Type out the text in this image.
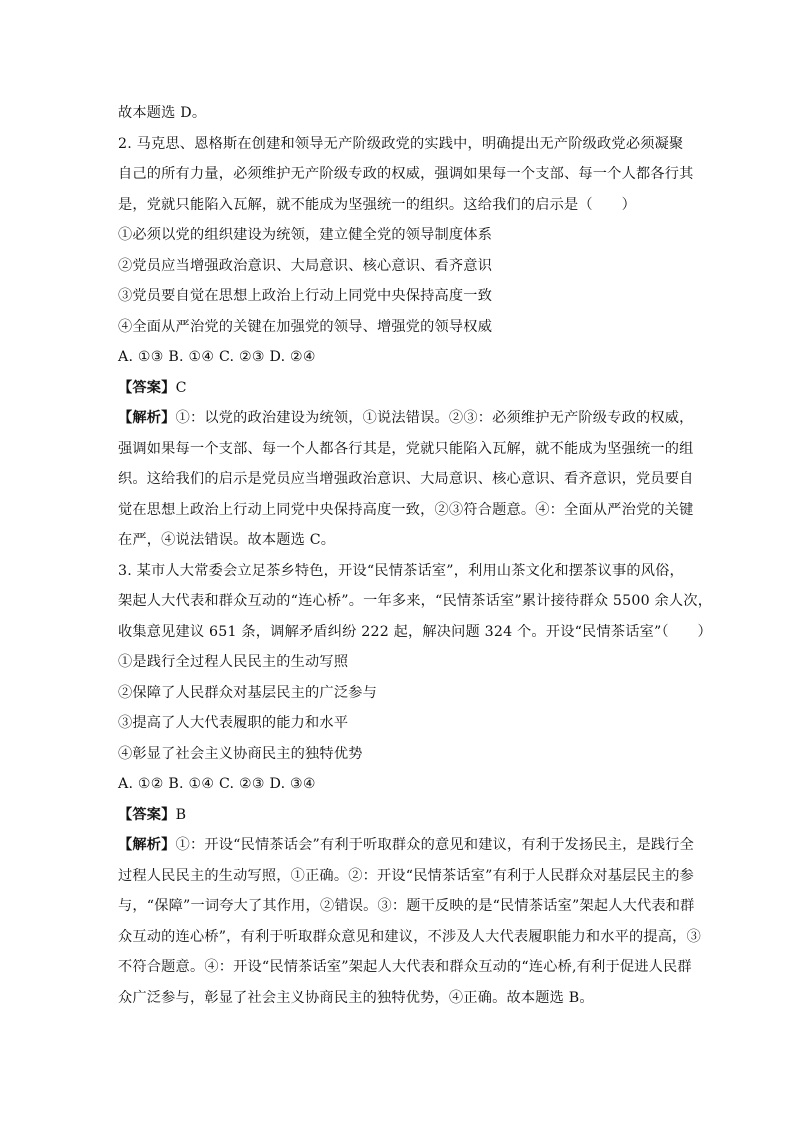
故本题选 D。
2. 马克思、恩格斯在创建和领导无产阶级政党的实践中，明确提出无产阶级政党必须凝聚
自己的所有力量，必须维护无产阶级专政的权威，强调如果每一个支部、每一个人都各行其
是，党就只能陷入瓦解，就不能成为坚强统一的组织。这给我们的启示是（　　）
①必须以党的组织建设为统领，建立健全党的领导制度体系
②党员应当增强政治意识、大局意识、核心意识、看齐意识
③党员要自觉在思想上政治上行动上同党中央保持高度一致
④全面从严治党的关键在加强党的领导、增强党的领导权威
A. ①③ B. ①④ C. ②③ D. ②④
【答案】C
【解析】①：以党的政治建设为统领，①说法错误。②③：必须维护无产阶级专政的权威，
强调如果每一个支部、每一个人都各行其是，党就只能陷入瓦解，就不能成为坚强统一的组
织。这给我们的启示是党员应当增强政治意识、大局意识、核心意识、看齐意识，党员要自
觉在思想上政治上行动上同党中央保持高度一致，②③符合题意。④：全面从严治党的关键
在严，④说法错误。故本题选 C。
3. 某市人大常委会立足茶乡特色，开设“民情茶话室”，利用山茶文化和摆茶议事的风俗，
架起人大代表和群众互动的“连心桥”。一年多来，“民情茶话室”累计接待群众 5500 余人次，
收集意见建议 651 条，调解矛盾纠纷 222 起，解决问题 324 个。开设“民情茶话室”（　　）
①是践行全过程人民民主的生动写照
②保障了人民群众对基层民主的广泛参与
③提高了人大代表履职的能力和水平
④彰显了社会主义协商民主的独特优势
A. ①② B. ①④ C. ②③ D. ③④
【答案】B
【解析】①：开设“民情茶话会”有利于听取群众的意见和建议，有利于发扬民主，是践行全
过程人民民主的生动写照，①正确。②：开设“民情茶话室”有利于人民群众对基层民主的参
与，“保障”一词夸大了其作用，②错误。③：题干反映的是“民情茶话室”架起人大代表和群
众互动的连心桥”，有利于听取群众意见和建议，不涉及人大代表履职能力和水平的提高，③
不符合题意。④：开设“民情茶话室”架起人大代表和群众互动的“连心桥,有利于促进人民群
众广泛参与，彰显了社会主义协商民主的独特优势，④正确。故本题选 B。
